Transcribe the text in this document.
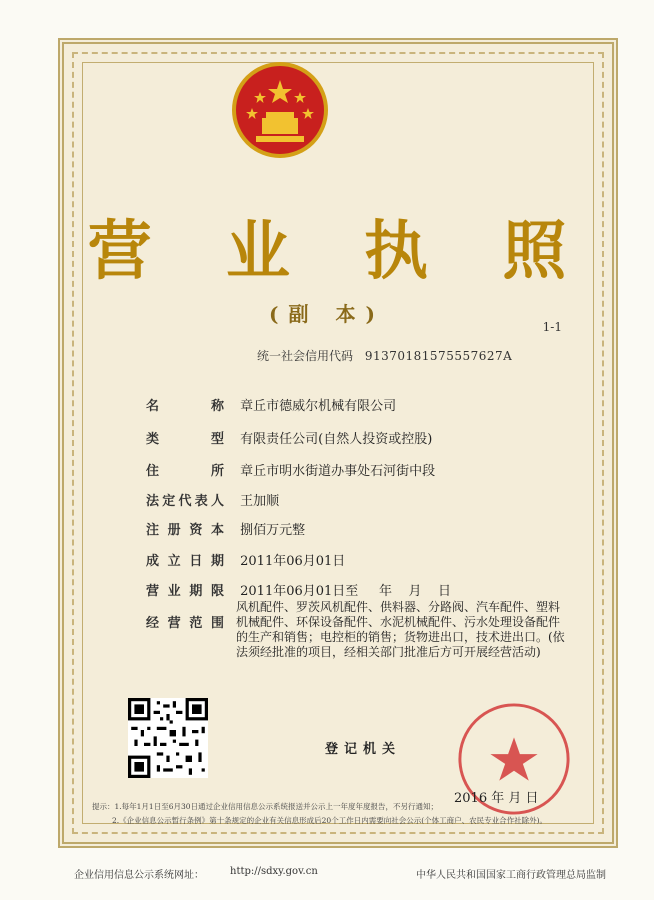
营 业 执 照
(副 本)
1-1
统一社会信用代码 91370181575557627A
名称 章丘市德威尔机械有限公司
类型 有限责任公司(自然人投资或控股)
住所 章丘市明水街道办事处石河街中段
法定代表人 王加顺
注册资本 捌佰万元整
成立日期 2011年06月01日
营业期限 2011年06月01日至     年    月    日
经营范围
风机配件、罗茨风机配件、供料器、分路阀、汽车配件、塑料机械配件、环保设备配件、水泥机械配件、污水处理设备配件的生产和销售；电控柜的销售；货物进出口，技术进出口。(依法须经批准的项目，经相关部门批准后方可开展经营活动)
登记机关
2016 年 月 日
提示：1.每年1月1日至6月30日通过企业信用信息公示系统报送并公示上一年度年度报告，不另行通知；
2.《企业信息公示暂行条例》第十条规定的企业有关信息形成后20个工作日内需要向社会公示(个体工商户、农民专业合作社除外)。
企业信用信息公示系统网址：	http://sdxy.gov.cn	中华人民共和国国家工商行政管理总局监制
